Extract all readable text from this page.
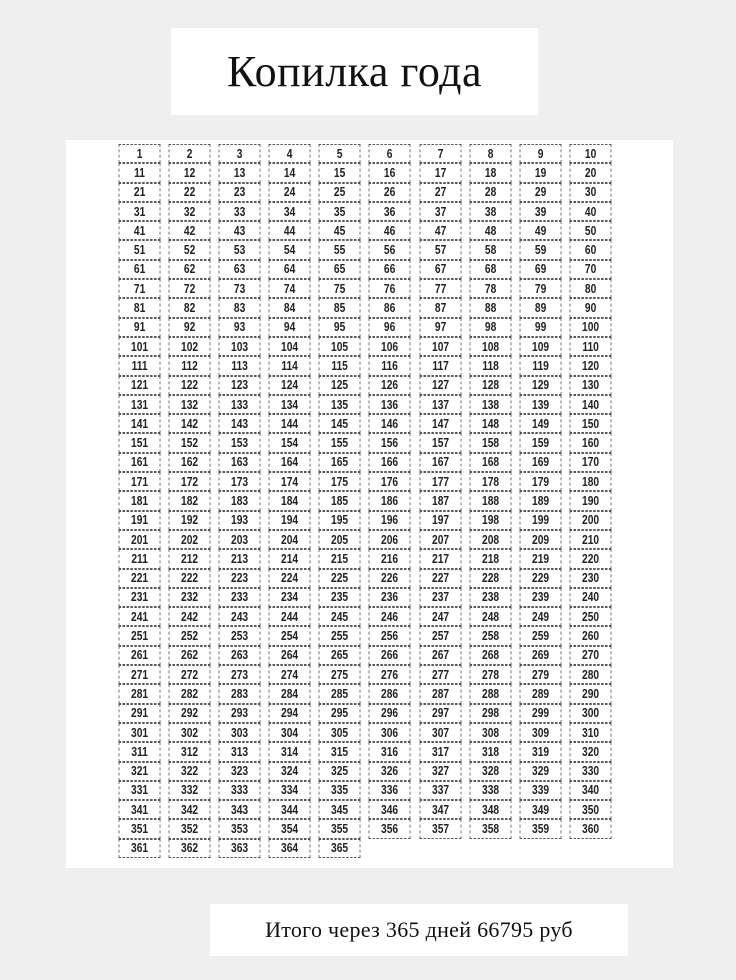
Копилка года
1	2	3	4	5	6	7	8	9	10
11	12	13	14	15	16	17	18	19	20
21	22	23	24	25	26	27	28	29	30
31	32	33	34	35	36	37	38	39	40
41	42	43	44	45	46	47	48	49	50
51	52	53	54	55	56	57	58	59	60
61	62	63	64	65	66	67	68	69	70
71	72	73	74	75	76	77	78	79	80
81	82	83	84	85	86	87	88	89	90
91	92	93	94	95	96	97	98	99	100
101	102	103	104	105	106	107	108	109	110
111	112	113	114	115	116	117	118	119	120
121	122	123	124	125	126	127	128	129	130
131	132	133	134	135	136	137	138	139	140
141	142	143	144	145	146	147	148	149	150
151	152	153	154	155	156	157	158	159	160
161	162	163	164	165	166	167	168	169	170
171	172	173	174	175	176	177	178	179	180
181	182	183	184	185	186	187	188	189	190
191	192	193	194	195	196	197	198	199	200
201	202	203	204	205	206	207	208	209	210
211	212	213	214	215	216	217	218	219	220
221	222	223	224	225	226	227	228	229	230
231	232	233	234	235	236	237	238	239	240
241	242	243	244	245	246	247	248	249	250
251	252	253	254	255	256	257	258	259	260
261	262	263	264	265	266	267	268	269	270
271	272	273	274	275	276	277	278	279	280
281	282	283	284	285	286	287	288	289	290
291	292	293	294	295	296	297	298	299	300
301	302	303	304	305	306	307	308	309	310
311	312	313	314	315	316	317	318	319	320
321	322	323	324	325	326	327	328	329	330
331	332	333	334	335	336	337	338	339	340
341	342	343	344	345	346	347	348	349	350
351	352	353	354	355	356	357	358	359	360
361	362	363	364	365
Итого через 365 дней 66795 руб
